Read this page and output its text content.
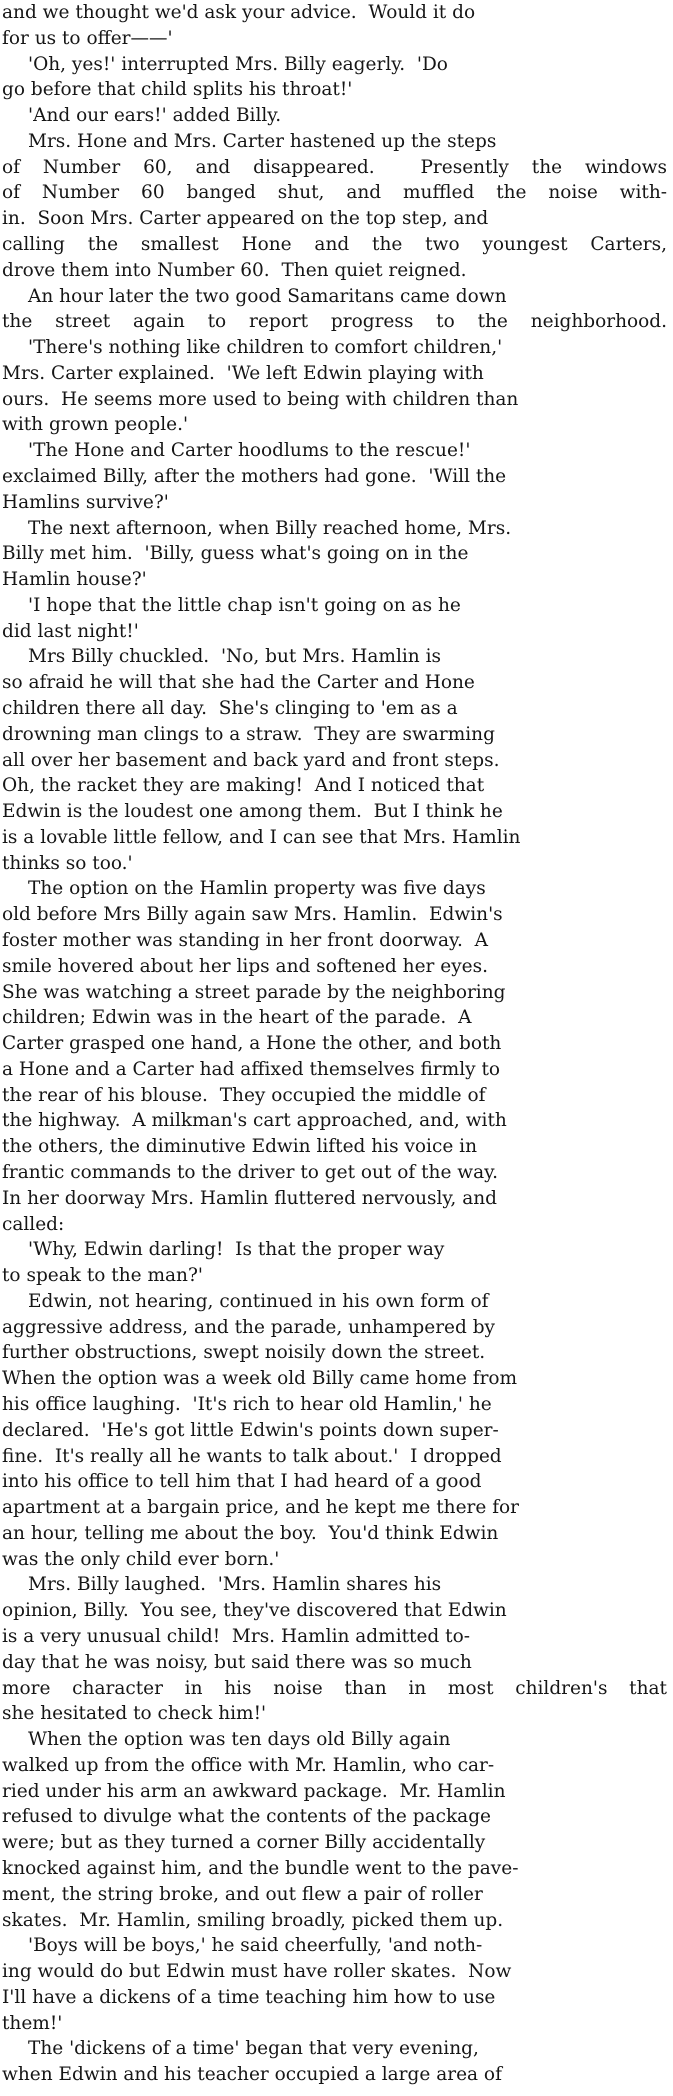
and we thought we'd ask your advice.  Would it do
for us to offer——'
'Oh, yes!' interrupted Mrs. Billy eagerly.  'Do
go before that child splits his throat!'
'And our ears!' added Billy.
Mrs. Hone and Mrs. Carter hastened up the steps
of Number 60, and disappeared.  Presently the windows
of Number 60 banged shut, and muffled the noise with-
in.  Soon Mrs. Carter appeared on the top step, and
calling the smallest Hone and the two youngest Carters,
drove them into Number 60.  Then quiet reigned.
An hour later the two good Samaritans came down
the street again to report progress to the neighborhood.
'There's nothing like children to comfort children,'
Mrs. Carter explained.  'We left Edwin playing with
ours.  He seems more used to being with children than
with grown people.'
'The Hone and Carter hoodlums to the rescue!'
exclaimed Billy, after the mothers had gone.  'Will the
Hamlins survive?'
The next afternoon, when Billy reached home, Mrs.
Billy met him.  'Billy, guess what's going on in the
Hamlin house?'
'I hope that the little chap isn't going on as he
did last night!'
Mrs Billy chuckled.  'No, but Mrs. Hamlin is
so afraid he will that she had the Carter and Hone
children there all day.  She's clinging to 'em as a
drowning man clings to a straw.  They are swarming
all over her basement and back yard and front steps.
Oh, the racket they are making!  And I noticed that
Edwin is the loudest one among them.  But I think he
is a lovable little fellow, and I can see that Mrs. Hamlin
thinks so too.'
The option on the Hamlin property was five days
old before Mrs Billy again saw Mrs. Hamlin.  Edwin's
foster mother was standing in her front doorway.  A
smile hovered about her lips and softened her eyes.
She was watching a street parade by the neighboring
children; Edwin was in the heart of the parade.  A
Carter grasped one hand, a Hone the other, and both
a Hone and a Carter had affixed themselves firmly to
the rear of his blouse.  They occupied the middle of
the highway.  A milkman's cart approached, and, with
the others, the diminutive Edwin lifted his voice in
frantic commands to the driver to get out of the way.
In her doorway Mrs. Hamlin fluttered nervously, and
called:
'Why, Edwin darling!  Is that the proper way
to speak to the man?'
Edwin, not hearing, continued in his own form of
aggressive address, and the parade, unhampered by
further obstructions, swept noisily down the street.
When the option was a week old Billy came home from
his office laughing.  'It's rich to hear old Hamlin,' he
declared.  'He's got little Edwin's points down super-
fine.  It's really all he wants to talk about.'  I dropped
into his office to tell him that I had heard of a good
apartment at a bargain price, and he kept me there for
an hour, telling me about the boy.  You'd think Edwin
was the only child ever born.'
Mrs. Billy laughed.  'Mrs. Hamlin shares his
opinion, Billy.  You see, they've discovered that Edwin
is a very unusual child!  Mrs. Hamlin admitted to-
day that he was noisy, but said there was so much
more character in his noise than in most children's that
she hesitated to check him!'
When the option was ten days old Billy again
walked up from the office with Mr. Hamlin, who car-
ried under his arm an awkward package.  Mr. Hamlin
refused to divulge what the contents of the package
were; but as they turned a corner Billy accidentally
knocked against him, and the bundle went to the pave-
ment, the string broke, and out flew a pair of roller
skates.  Mr. Hamlin, smiling broadly, picked them up.
'Boys will be boys,' he said cheerfully, 'and noth-
ing would do but Edwin must have roller skates.  Now
I'll have a dickens of a time teaching him how to use
them!'
The 'dickens of a time' began that very evening,
when Edwin and his teacher occupied a large area of
